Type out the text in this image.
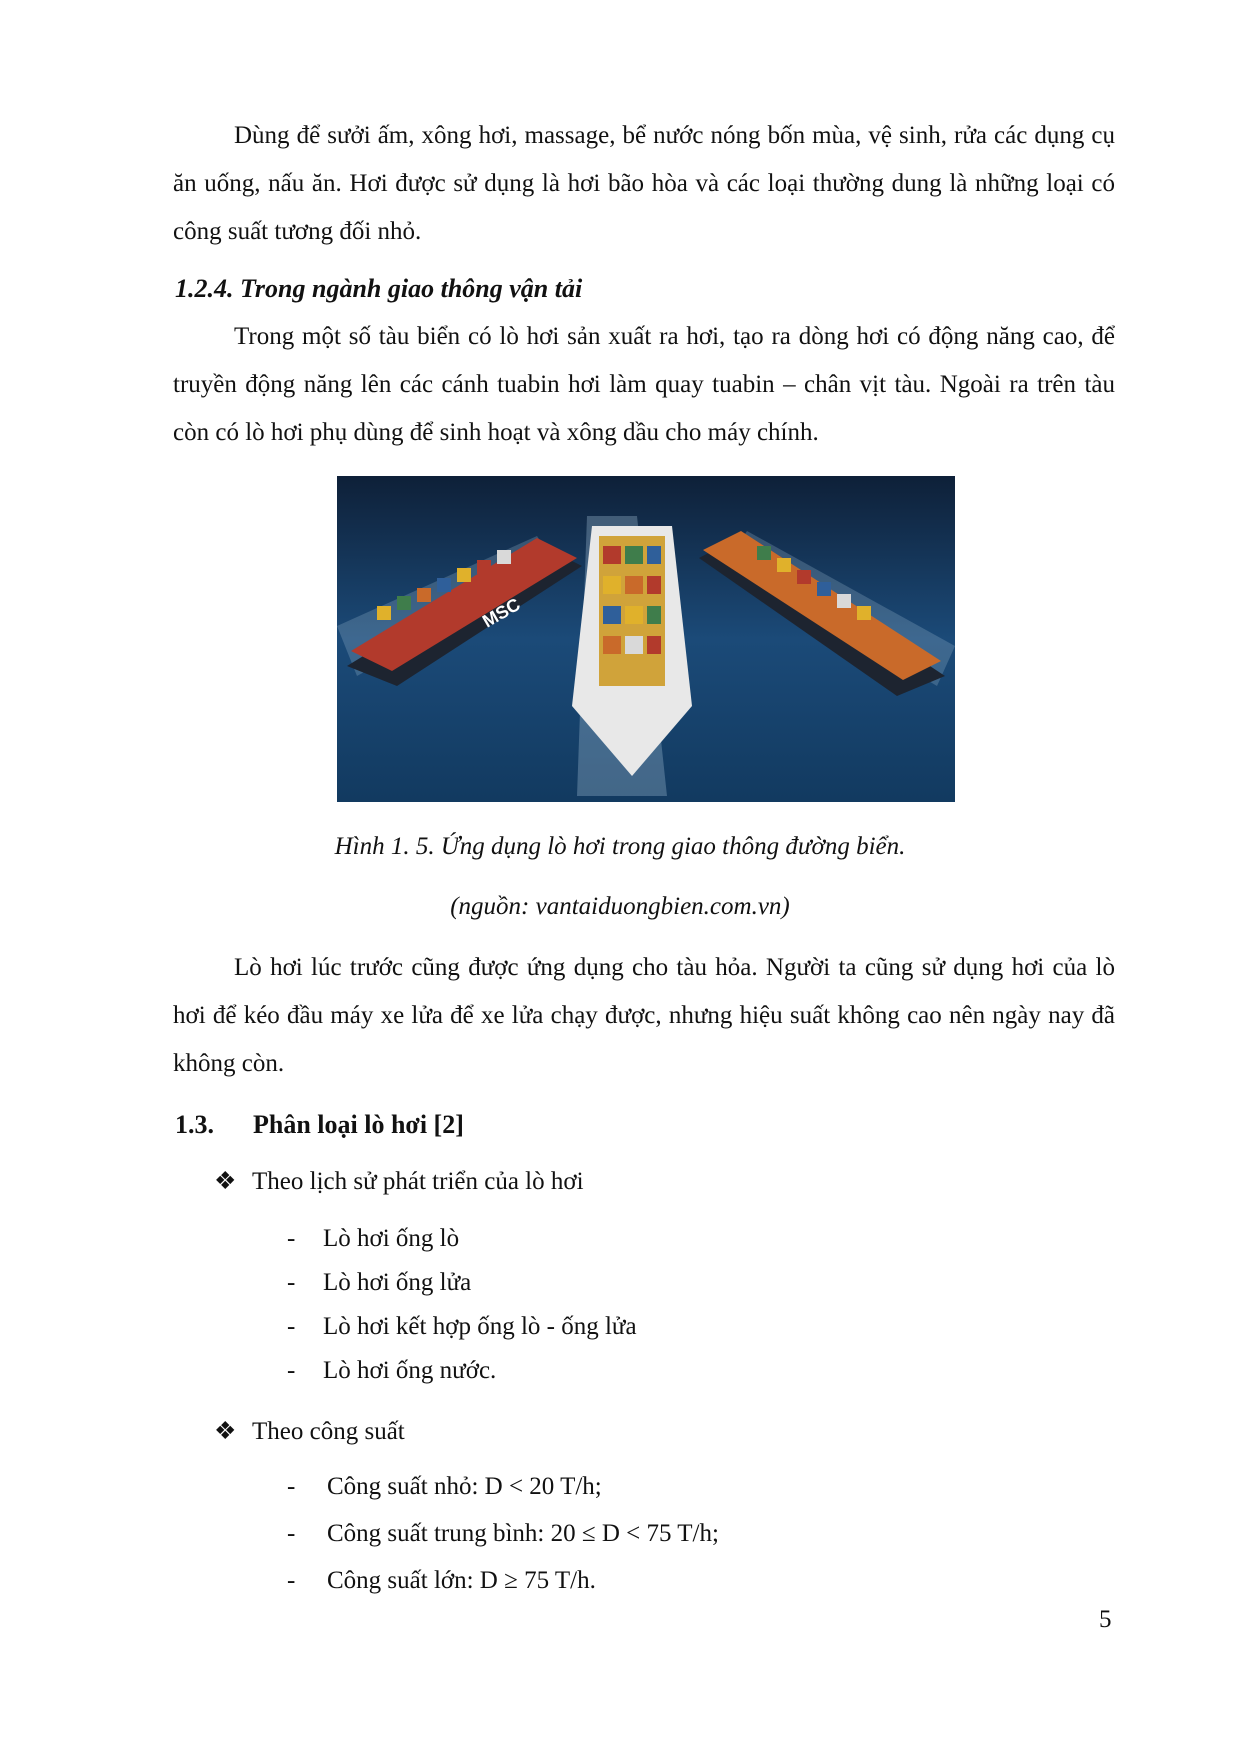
Dùng để sưởi ấm, xông hơi, massage, bể nước nóng bốn mùa, vệ sinh, rửa các dụng cụ ăn uống, nấu ăn. Hơi được sử dụng là hơi bão hòa và các loại thường dung là những loại có công suất tương đối nhỏ.

1.2.4. Trong ngành giao thông vận tải

Trong một số tàu biển có lò hơi sản xuất ra hơi, tạo ra dòng hơi có động năng cao, để truyền động năng lên các cánh tuabin hơi làm quay tuabin – chân vịt tàu. Ngoài ra trên tàu còn có lò hơi phụ dùng để sinh hoạt và xông dầu cho máy chính.

MSC

Hình 1. 5. Ứng dụng lò hơi trong giao thông đường biển.

(nguồn: vantaiduongbien.com.vn)

Lò hơi lúc trước cũng được ứng dụng cho tàu hỏa. Người ta cũng sử dụng hơi của lò hơi để kéo đầu máy xe lửa để xe lửa chạy được, nhưng hiệu suất không cao nên ngày nay đã không còn.

1.3. Phân loại lò hơi [2]

❖ Theo lịch sử phát triển của lò hơi

- Lò hơi ống lò

- Lò hơi ống lửa

- Lò hơi kết hợp ống lò - ống lửa

- Lò hơi ống nước.

❖ Theo công suất

- Công suất nhỏ: D < 20 T/h;

- Công suất trung bình: 20 ≤ D < 75 T/h;

- Công suất lớn: D ≥ 75 T/h.

5
